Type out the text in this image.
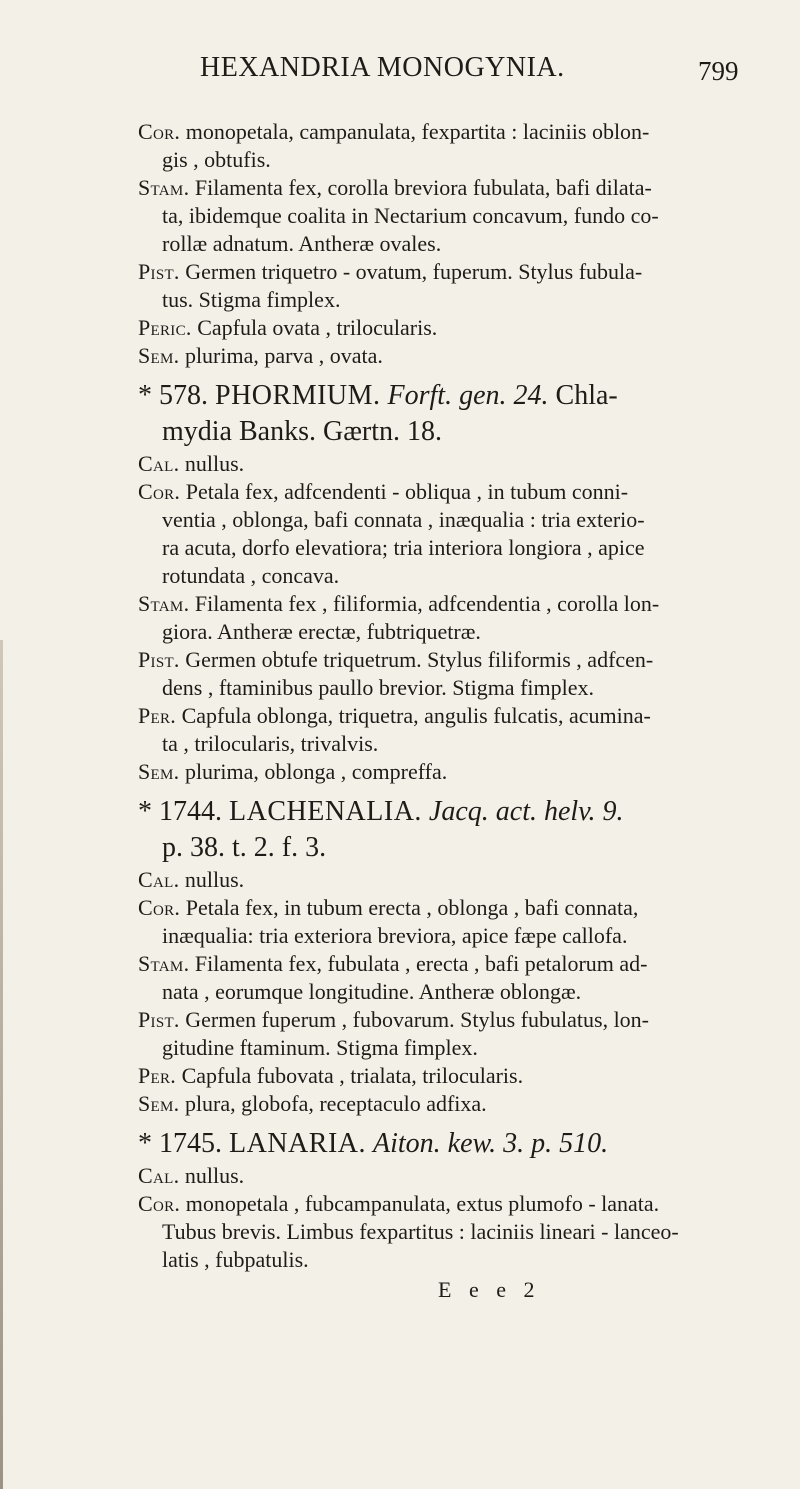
HEXANDRIA MONOGYNIA.	799
Cor. monopetala, campanulata, fexpartita : laciniis oblon-
gis , obtufis.
Stam. Filamenta fex, corolla breviora fubulata, bafi dilata-
ta, ibidemque coalita in Nectarium concavum, fundo co-
rollæ adnatum. Antheræ ovales.
Pist. Germen triquetro - ovatum, fuperum. Stylus fubula-
tus. Stigma fimplex.
Peric. Capfula ovata , trilocularis.
Sem. plurima, parva , ovata.
* 578. PHORMIUM. Forft. gen. 24. Chla-
mydia Banks. Gærtn. 18.
Cal. nullus.
Cor. Petala fex, adfcendenti - obliqua , in tubum conni-
ventia , oblonga, bafi connata , inæqualia : tria exterio-
ra acuta, dorfo elevatiora; tria interiora longiora , apice
rotundata , concava.
Stam. Filamenta fex , filiformia, adfcendentia , corolla lon-
giora. Antheræ erectæ, fubtriquetræ.
Pist. Germen obtufe triquetrum. Stylus filiformis , adfcen-
dens , ftaminibus paullo brevior. Stigma fimplex.
Per. Capfula oblonga, triquetra, angulis fulcatis, acumina-
ta , trilocularis, trivalvis.
Sem. plurima, oblonga , compreffa.
* 1744. LACHENALIA. Jacq. act. helv. 9.
p. 38. t. 2. f. 3.
Cal. nullus.
Cor. Petala fex, in tubum erecta , oblonga , bafi connata,
inæqualia: tria exteriora breviora, apice fæpe callofa.
Stam. Filamenta fex, fubulata , erecta , bafi petalorum ad-
nata , eorumque longitudine. Antheræ oblongæ.
Pist. Germen fuperum , fubovarum. Stylus fubulatus, lon-
gitudine ftaminum. Stigma fimplex.
Per. Capfula fubovata , trialata, trilocularis.
Sem. plura, globofa, receptaculo adfixa.
* 1745. LANARIA. Aiton. kew. 3. p. 510.
Cal. nullus.
Cor. monopetala , fubcampanulata, extus plumofo - lanata.
Tubus brevis. Limbus fexpartitus : laciniis lineari - lanceo-
latis , fubpatulis.
E e e 2
